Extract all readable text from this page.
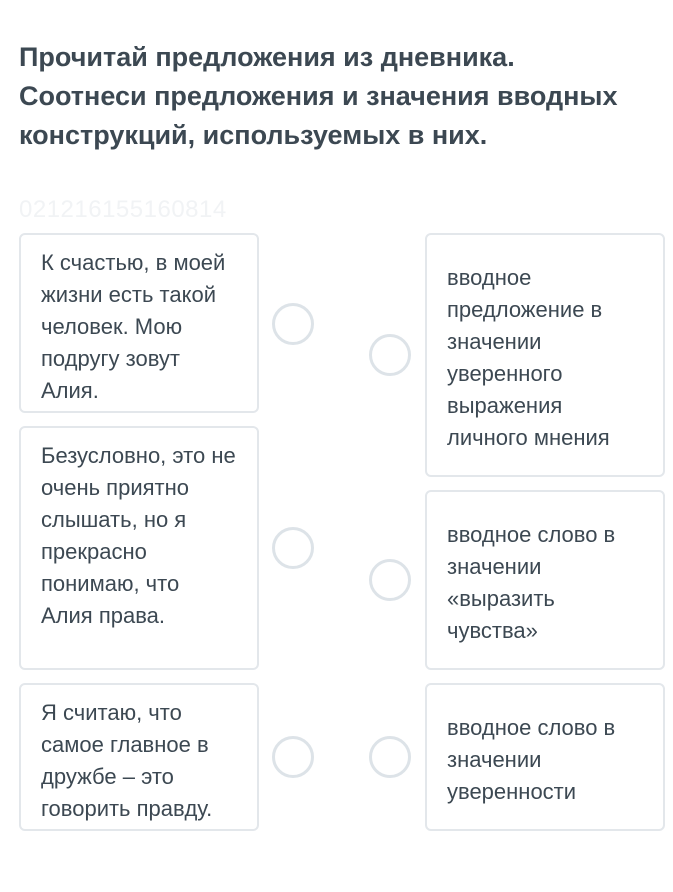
Прочитай предложения из дневника. Соотнеси предложения и значения вводных конструкций, используемых в них.
021216155160814
К счастью, в моей жизни есть такой человек. Мою подругу зовут Алия.
Безусловно, это не очень приятно слышать, но я прекрасно понимаю, что Алия права.
Я считаю, что самое главное в дружбе – это говорить правду.
вводное предложение в значении уверенного выражения личного мнения
вводное слово в значении «выразить чувства»
вводное слово в значении уверенности
